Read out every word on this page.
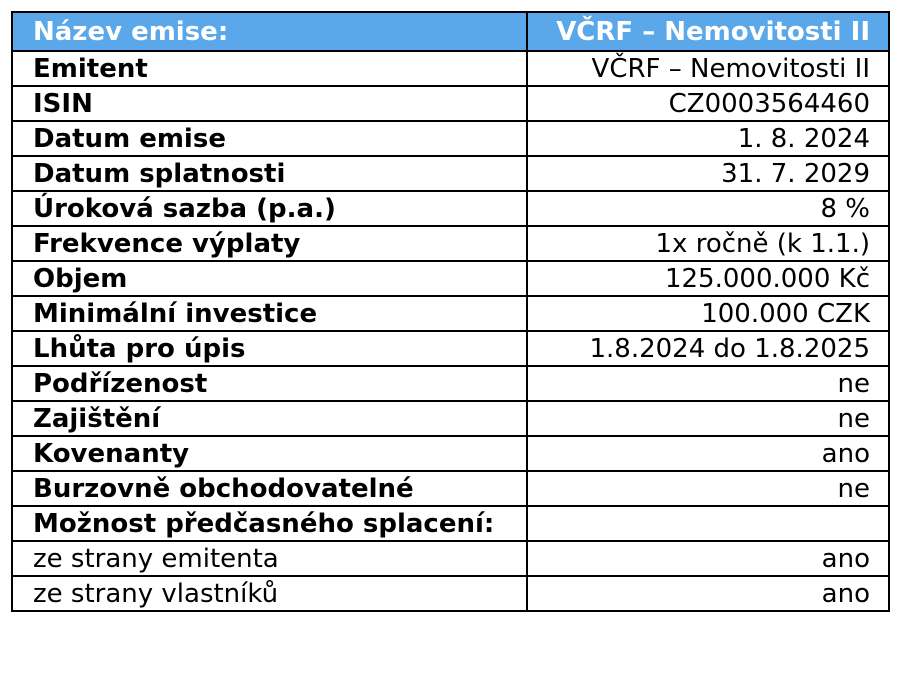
Název emise:	VČRF – Nemovitosti II
Emitent	VČRF – Nemovitosti II
ISIN	CZ0003564460
Datum emise	1. 8. 2024
Datum splatnosti	31. 7. 2029
Úroková sazba (p.a.)	8 %
Frekvence výplaty	1x ročně (k 1.1.)
Objem	125.000.000 Kč
Minimální investice	100.000 CZK
Lhůta pro úpis	1.8.2024 do 1.8.2025
Podřízenost	ne
Zajištění	ne
Kovenanty	ano
Burzovně obchodovatelné	ne
Možnost předčasného splacení:	
ze strany emitenta	ano
ze strany vlastníků	ano
